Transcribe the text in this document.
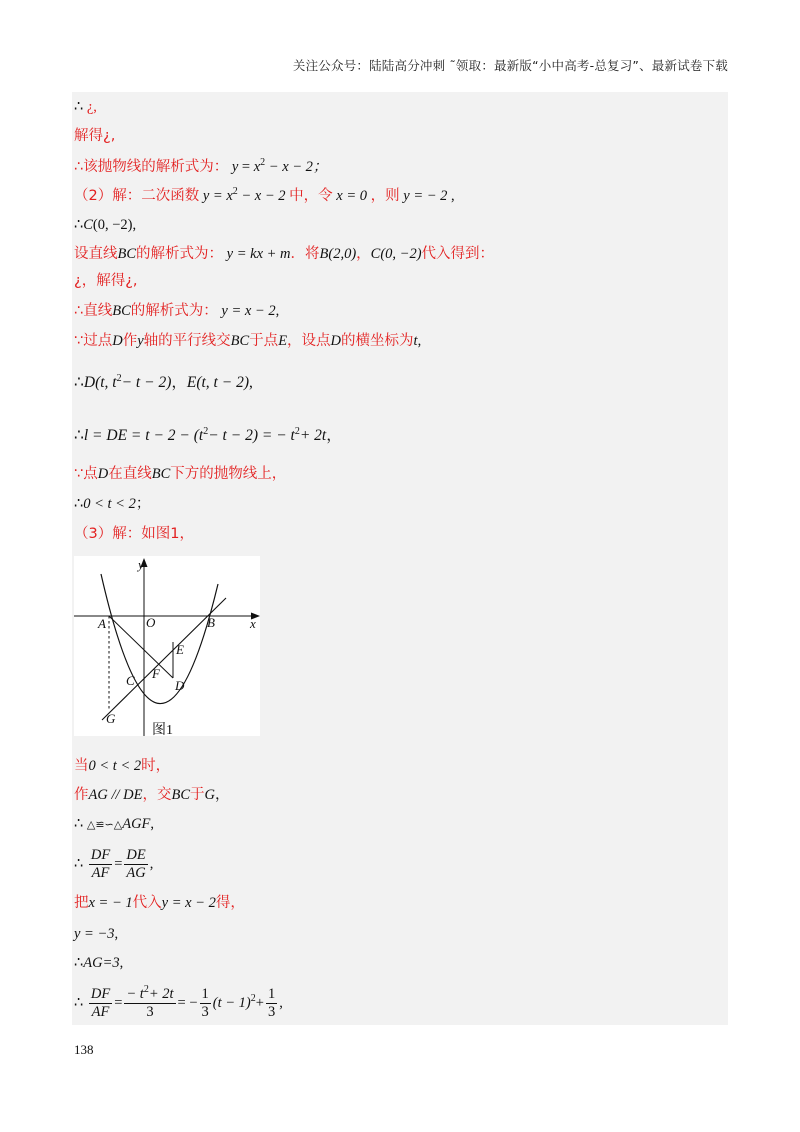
关注公众号：陆陆高分冲刺 ˜领取：最新版“小中高考-总复习”、最新试卷下载
∴ ¿,
解得¿,
∴该抛物线的解析式为： $y = x^2 - x - 2$；
（2）解：二次函数 $y = x^2 - x - 2$ 中，令 x = 0 ，则 y = − 2 ,
∴C(0, −2),
设直线BC的解析式为： y = kx + m．将B(2,0)，C(0, −2)代入得到：
¿，解得¿,
∴直线BC的解析式为： y = x − 2,
∵过点D作y轴的平行线交BC于点E，设点D的横坐标为t,
∴D(t, $t^2- t - 2$)，E(t, t − 2),
∴l = DE = $t - 2 - (t^2- t - 2)$ = − $t^2+ 2t$，
∵点D在直线BC下方的抛物线上，
∴0 < t < 2；
（3）解：如图1，
y
x
A	O	B
E
C F
D
G
图1
当0 < t < 2时，
作AG // DE，交BC于G，
∴ △≌∽△AGF,
∴ $\frac{DF}{AF} = \frac{DE}{AG}$ ,
把x = − 1代入y = x − 2得，
y = −3,
∴AG=3,
∴ $\frac{DF}{AF} = \frac{- t^2+ 2t}{3}$ = − $\frac{1}{3} (t - 1)^2+ \frac{1}{3}$ ,
138
